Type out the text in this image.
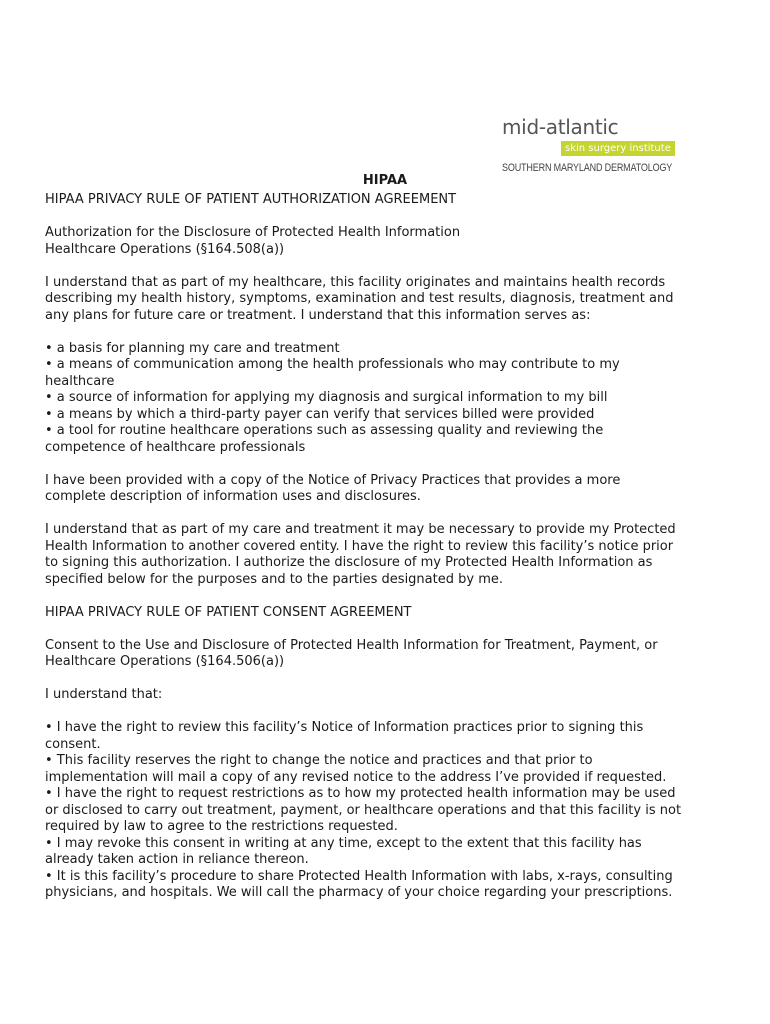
mid-atlantic
skin surgery institute
SOUTHERN MARYLAND DERMATOLOGY
HIPAA

HIPAA PRIVACY RULE OF PATIENT AUTHORIZATION AGREEMENT

Authorization for the Disclosure of Protected Health Information

Healthcare Operations (§164.508(a))

I understand that as part of my healthcare, this facility originates and maintains health records

describing my health history, symptoms, examination and test results, diagnosis, treatment and

any plans for future care or treatment. I understand that this information serves as:

• a basis for planning my care and treatment

• a means of communication among the health professionals who may contribute to my

healthcare

• a source of information for applying my diagnosis and surgical information to my bill

• a means by which a third-party payer can verify that services billed were provided

• a tool for routine healthcare operations such as assessing quality and reviewing the

competence of healthcare professionals

I have been provided with a copy of the Notice of Privacy Practices that provides a more

complete description of information uses and disclosures.

I understand that as part of my care and treatment it may be necessary to provide my Protected

Health Information to another covered entity. I have the right to review this facility’s notice prior

to signing this authorization. I authorize the disclosure of my Protected Health Information as

specified below for the purposes and to the parties designated by me.

HIPAA PRIVACY RULE OF PATIENT CONSENT AGREEMENT

Consent to the Use and Disclosure of Protected Health Information for Treatment, Payment, or

Healthcare Operations (§164.506(a))

I understand that:

• I have the right to review this facility’s Notice of Information practices prior to signing this

consent.

• This facility reserves the right to change the notice and practices and that prior to

implementation will mail a copy of any revised notice to the address I’ve provided if requested.

• I have the right to request restrictions as to how my protected health information may be used

or disclosed to carry out treatment, payment, or healthcare operations and that this facility is not

required by law to agree to the restrictions requested.

• I may revoke this consent in writing at any time, except to the extent that this facility has

already taken action in reliance thereon.

• It is this facility’s procedure to share Protected Health Information with labs, x-rays, consulting

physicians, and hospitals. We will call the pharmacy of your choice regarding your prescriptions.
